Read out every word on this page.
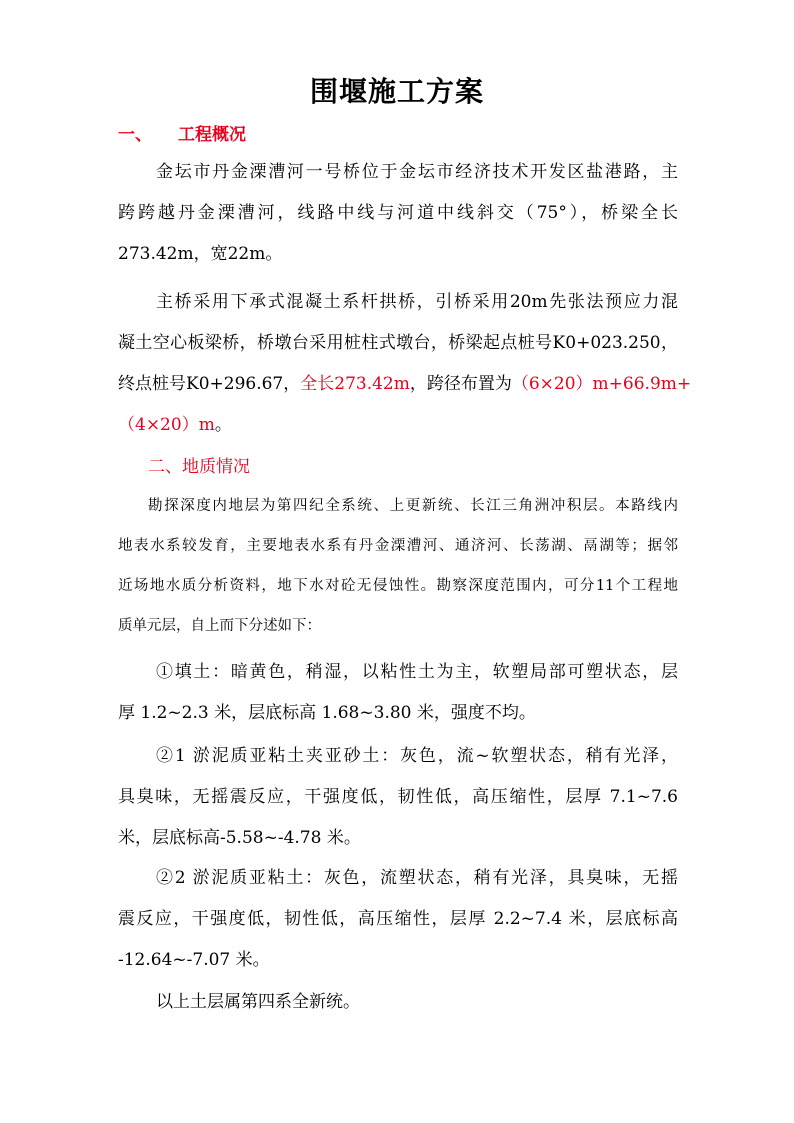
围堰施工方案
一、 工程概况
金坛市丹金溧漕河一号桥位于金坛市经济技术开发区盐港路，主
跨跨越丹金溧漕河，线路中线与河道中线斜交（75°），桥梁全长
273.42m，宽22m。
主桥采用下承式混凝土系杆拱桥，引桥采用20m先张法预应力混
凝土空心板梁桥，桥墩台采用桩柱式墩台，桥梁起点桩号K0+023.250，
终点桩号K0+296.67，全长273.42m，跨径布置为（6×20）m+66.9m+
（4×20）m。
二、地质情况
勘探深度内地层为第四纪全系统、上更新统、长江三角洲冲积层。本路线内
地表水系较发育，主要地表水系有丹金溧漕河、通济河、长荡湖、鬲湖等；据邻
近场地水质分析资料，地下水对砼无侵蚀性。勘察深度范围内，可分11个工程地
质单元层，自上而下分述如下：
①填土：暗黄色，稍湿，以粘性土为主，软塑局部可塑状态，层
厚 1.2~2.3 米，层底标高 1.68~3.80 米，强度不均。
②1 淤泥质亚粘土夹亚砂土：灰色，流~软塑状态，稍有光泽，
具臭味，无摇震反应，干强度低，韧性低，高压缩性，层厚 7.1~7.6
米，层底标高-5.58~-4.78 米。
②2 淤泥质亚粘土：灰色，流塑状态，稍有光泽，具臭味，无摇
震反应，干强度低，韧性低，高压缩性，层厚 2.2~7.4 米，层底标高
-12.64~-7.07 米。
以上土层属第四系全新统。
